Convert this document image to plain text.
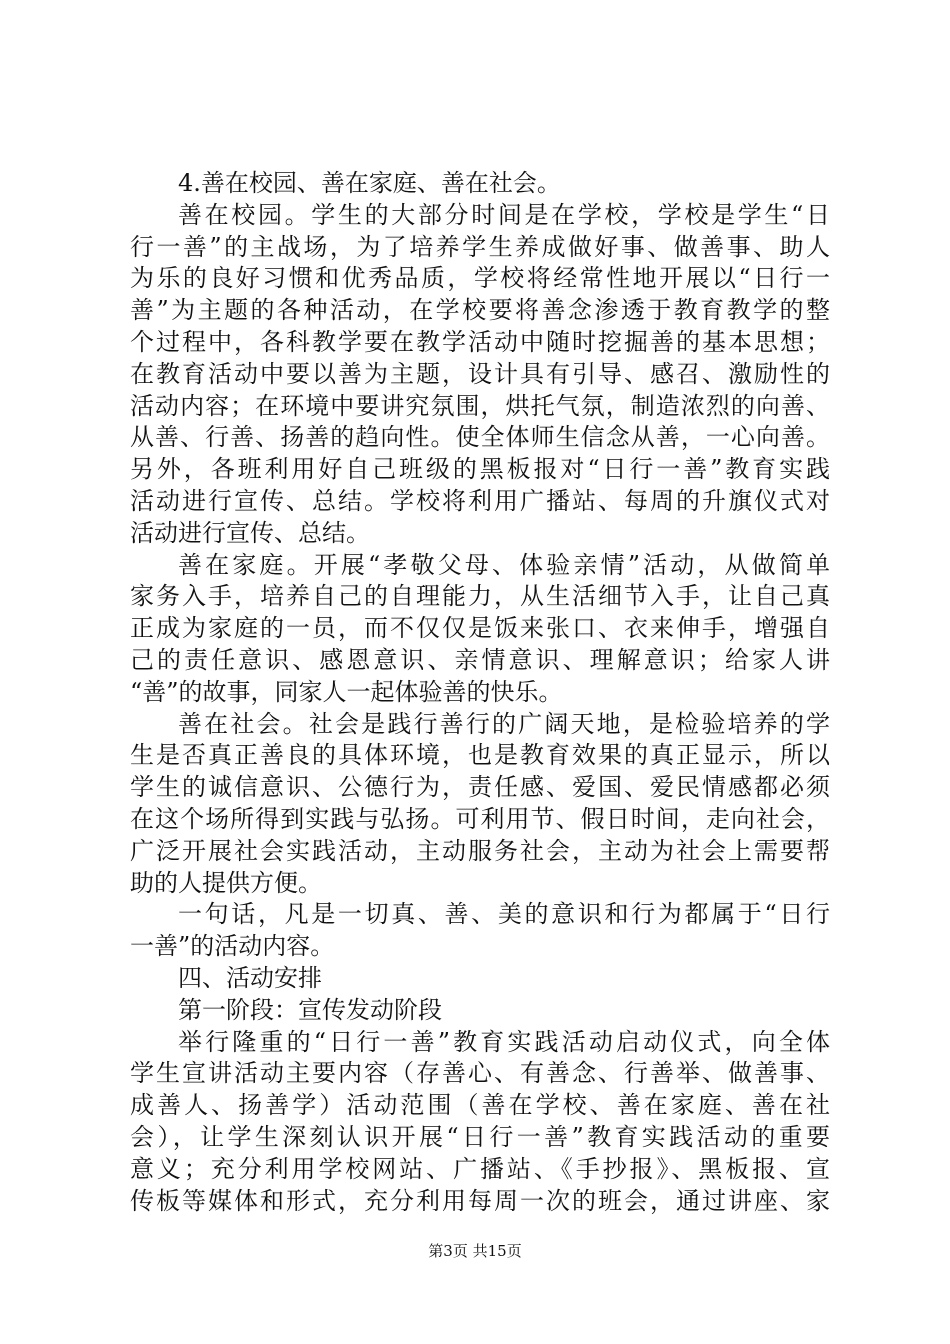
4.善在校园、善在家庭、善在社会。
善在校园。学生的大部分时间是在学校，学校是学生“日
行一善”的主战场，为了培养学生养成做好事、做善事、助人
为乐的良好习惯和优秀品质，学校将经常性地开展以“日行一
善”为主题的各种活动，在学校要将善念渗透于教育教学的整
个过程中，各科教学要在教学活动中随时挖掘善的基本思想；
在教育活动中要以善为主题，设计具有引导、感召、激励性的
活动内容；在环境中要讲究氛围，烘托气氛，制造浓烈的向善、
从善、行善、扬善的趋向性。使全体师生信念从善，一心向善。
另外，各班利用好自己班级的黑板报对“日行一善”教育实践
活动进行宣传、总结。学校将利用广播站、每周的升旗仪式对
活动进行宣传、总结。
善在家庭。开展“孝敬父母、体验亲情”活动，从做简单
家务入手，培养自己的自理能力，从生活细节入手，让自己真
正成为家庭的一员，而不仅仅是饭来张口、衣来伸手，增强自
己的责任意识、感恩意识、亲情意识、理解意识；给家人讲
“善”的故事，同家人一起体验善的快乐。
善在社会。社会是践行善行的广阔天地，是检验培养的学
生是否真正善良的具体环境，也是教育效果的真正显示，所以
学生的诚信意识、公德行为，责任感、爱国、爱民情感都必须
在这个场所得到实践与弘扬。可利用节、假日时间，走向社会，
广泛开展社会实践活动，主动服务社会，主动为社会上需要帮
助的人提供方便。
一句话，凡是一切真、善、美的意识和行为都属于“日行
一善”的活动内容。
四、活动安排
第一阶段：宣传发动阶段
举行隆重的“日行一善”教育实践活动启动仪式，向全体
学生宣讲活动主要内容（存善心、有善念、行善举、做善事、
成善人、扬善学）活动范围（善在学校、善在家庭、善在社
会），让学生深刻认识开展“日行一善”教育实践活动的重要
意义；充分利用学校网站、广播站、《手抄报》、黑板报、宣
传板等媒体和形式，充分利用每周一次的班会，通过讲座、家
第3页 共15页
